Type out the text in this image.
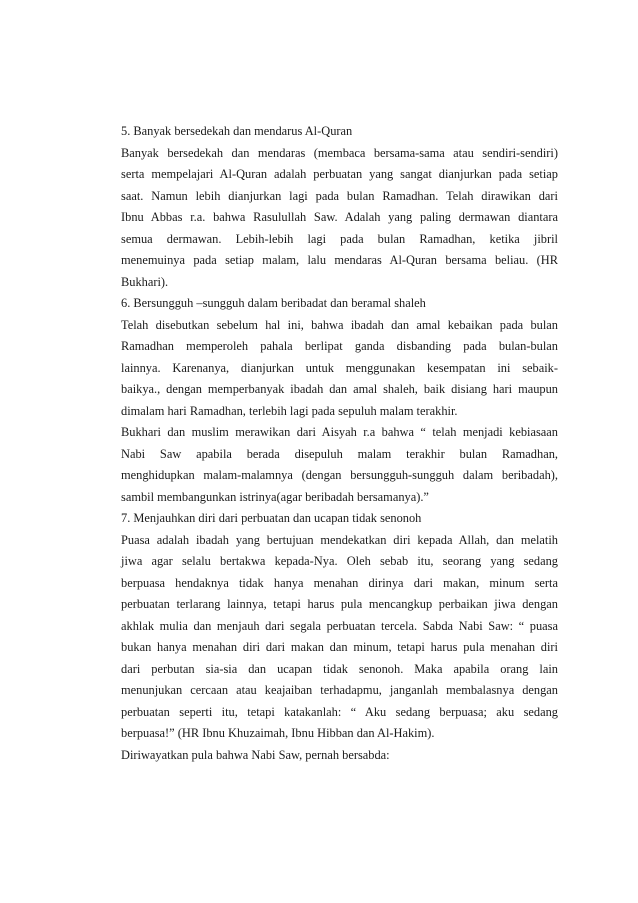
5. Banyak bersedekah dan mendarus Al-Quran
Banyak bersedekah dan mendaras (membaca bersama-sama atau sendiri-sendiri)
serta mempelajari Al-Quran adalah perbuatan yang sangat dianjurkan pada setiap
saat. Namun lebih dianjurkan lagi pada bulan Ramadhan. Telah dirawikan dari
Ibnu Abbas r.a. bahwa Rasulullah Saw. Adalah yang paling dermawan diantara
semua dermawan. Lebih-lebih lagi pada bulan Ramadhan, ketika jibril
menemuinya pada setiap malam, lalu mendaras Al-Quran bersama beliau. (HR
Bukhari).
6. Bersungguh –sungguh dalam beribadat dan beramal shaleh
Telah disebutkan sebelum hal ini, bahwa ibadah dan amal kebaikan pada bulan
Ramadhan memperoleh pahala berlipat ganda disbanding pada bulan-bulan
lainnya. Karenanya, dianjurkan untuk menggunakan kesempatan ini sebaik-
baikya., dengan memperbanyak ibadah dan amal shaleh, baik disiang hari maupun
dimalam hari Ramadhan, terlebih lagi pada sepuluh malam terakhir.
Bukhari dan muslim merawikan dari Aisyah r.a bahwa “ telah menjadi kebiasaan
Nabi Saw apabila berada disepuluh malam terakhir bulan Ramadhan,
menghidupkan malam-malamnya (dengan bersungguh-sungguh dalam beribadah),
sambil membangunkan istrinya(agar beribadah bersamanya).”
7. Menjauhkan diri dari perbuatan dan ucapan tidak senonoh
Puasa adalah ibadah yang bertujuan mendekatkan diri kepada Allah, dan melatih
jiwa agar selalu bertakwa kepada-Nya. Oleh sebab itu, seorang yang sedang
berpuasa hendaknya tidak hanya menahan dirinya dari makan, minum serta
perbuatan terlarang lainnya, tetapi harus pula mencangkup perbaikan jiwa dengan
akhlak mulia dan menjauh dari segala perbuatan tercela. Sabda Nabi Saw: “ puasa
bukan hanya menahan diri dari makan dan minum, tetapi harus pula menahan diri
dari perbutan sia-sia dan ucapan tidak senonoh. Maka apabila orang lain
menunjukan cercaan atau keajaiban terhadapmu, janganlah membalasnya dengan
perbuatan seperti itu, tetapi katakanlah: “ Aku sedang berpuasa; aku sedang
berpuasa!” (HR Ibnu Khuzaimah, Ibnu Hibban dan Al-Hakim).
Diriwayatkan pula bahwa Nabi Saw, pernah bersabda:
